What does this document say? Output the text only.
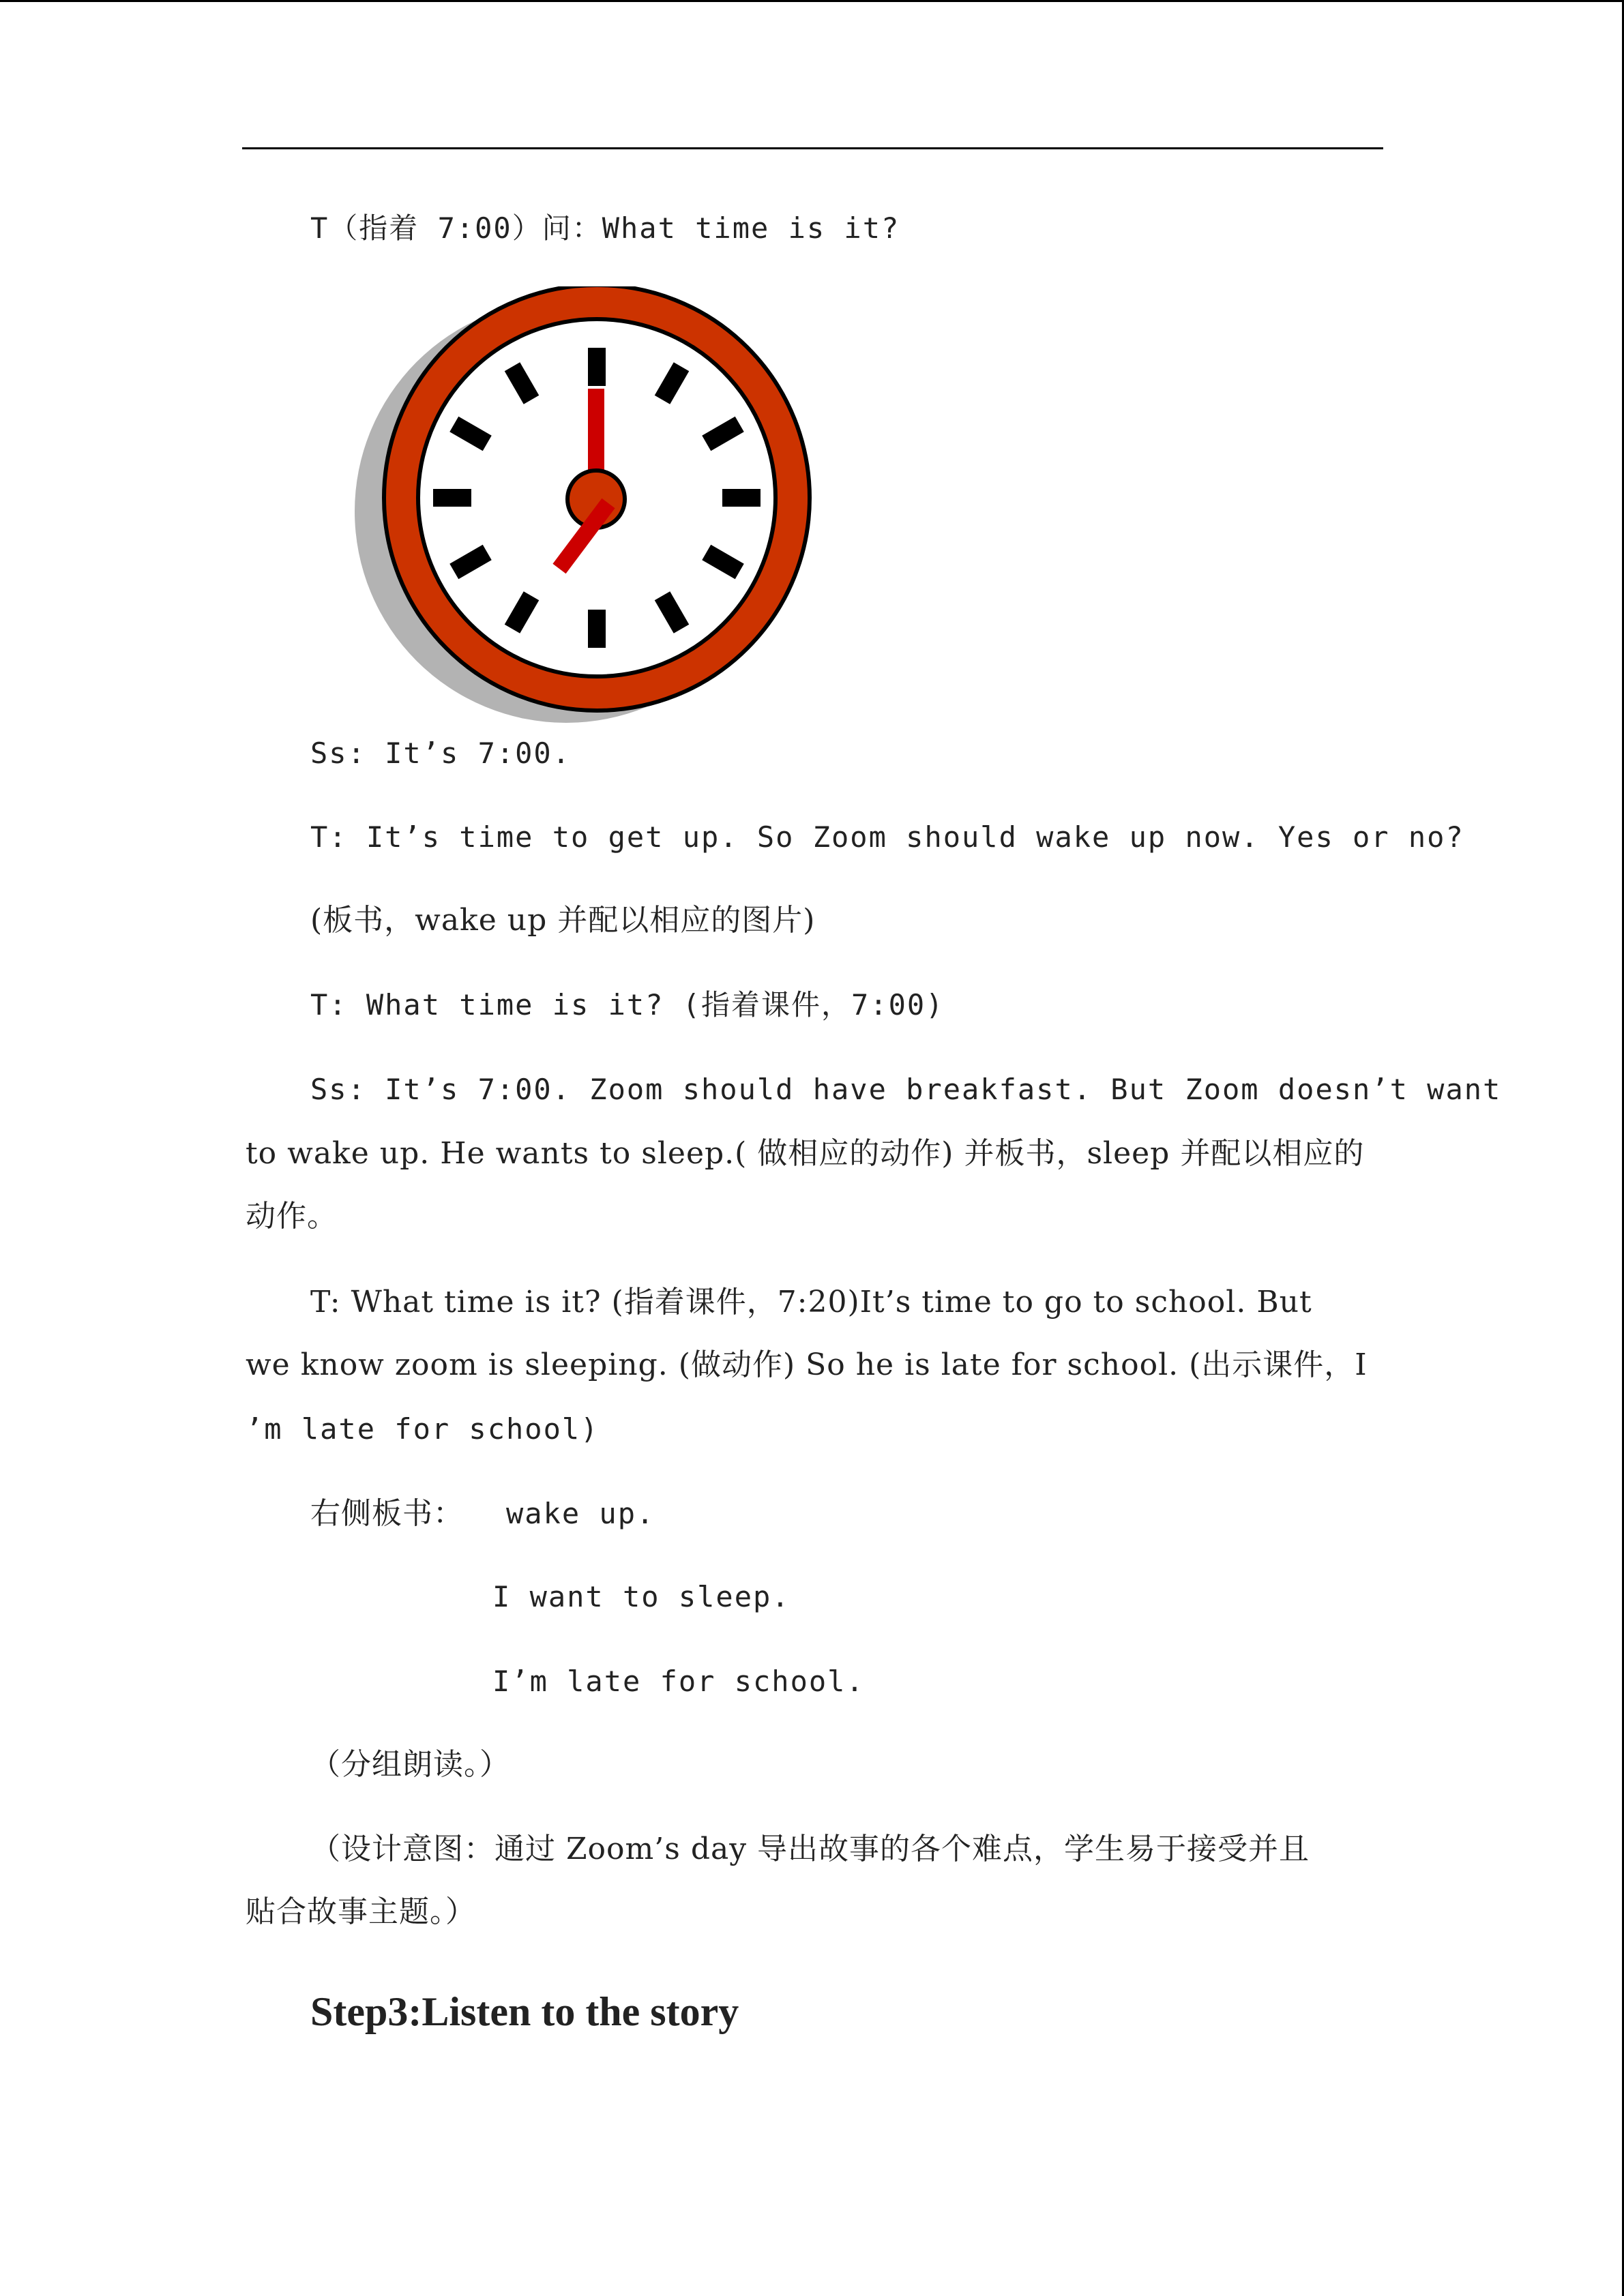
T（指着 7:00）问：What time is it?
Ss: It’s 7:00.
T: It’s time to get up. So Zoom should wake up now. Yes or no?
(板书，wake up 并配以相应的图片)
T: What time is it? (指着课件，7:00)
Ss: It’s 7:00. Zoom should have breakfast. But Zoom doesn’t want
to wake up. He wants to sleep.( 做相应的动作) 并板书，sleep 并配以相应的
动作。
T: What time is it? (指着课件，7:20)It’s time to go to school. But
we know zoom is sleeping. (做动作) So he is late for school. (出示课件，I
’m late for school)
右侧板书： wake up.
I want to sleep.
I’m late for school.
（分组朗读。）
（设计意图：通过 Zoom’s day 导出故事的各个难点，学生易于接受并且
贴合故事主题。）
Step3:Listen to the story
